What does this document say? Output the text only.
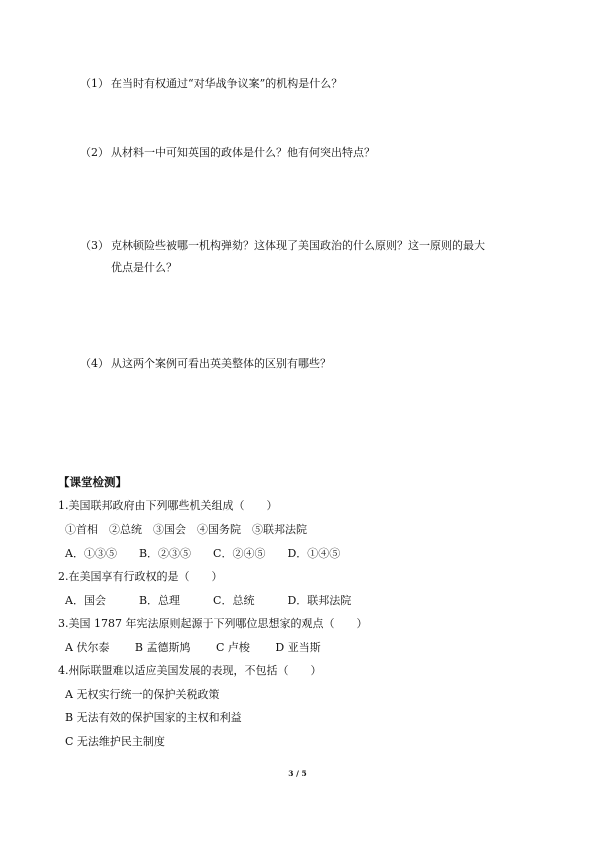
（1） 在当时有权通过“对华战争议案”的机构是什么？
（2） 从材料一中可知英国的政体是什么？他有何突出特点？
（3） 克林顿险些被哪一机构弹劾？这体现了美国政治的什么原则？这一原则的最大优点是什么？
（4） 从这两个案例可看出英美整体的区别有哪些？
【课堂检测】
1.美国联邦政府由下列哪些机关组成（　　）
①首相　②总统　③国会　④国务院　⑤联邦法院
A．①③⑤　　B．②③⑤　　C．②④⑤　　D．①④⑤
2.在美国享有行政权的是（　　）
A．国会　　　B．总理　　　C．总统　　　D．联邦法院
3.美国 1787 年宪法原则起源于下列哪位思想家的观点（　　）
A 伏尔泰　　 B 孟德斯鸠　　 C 卢梭　　 D 亚当斯
4.州际联盟难以适应美国发展的表现，不包括（　　）
A 无权实行统一的保护关税政策
B 无法有效的保护国家的主权和利益
C 无法维护民主制度
3 / 5
